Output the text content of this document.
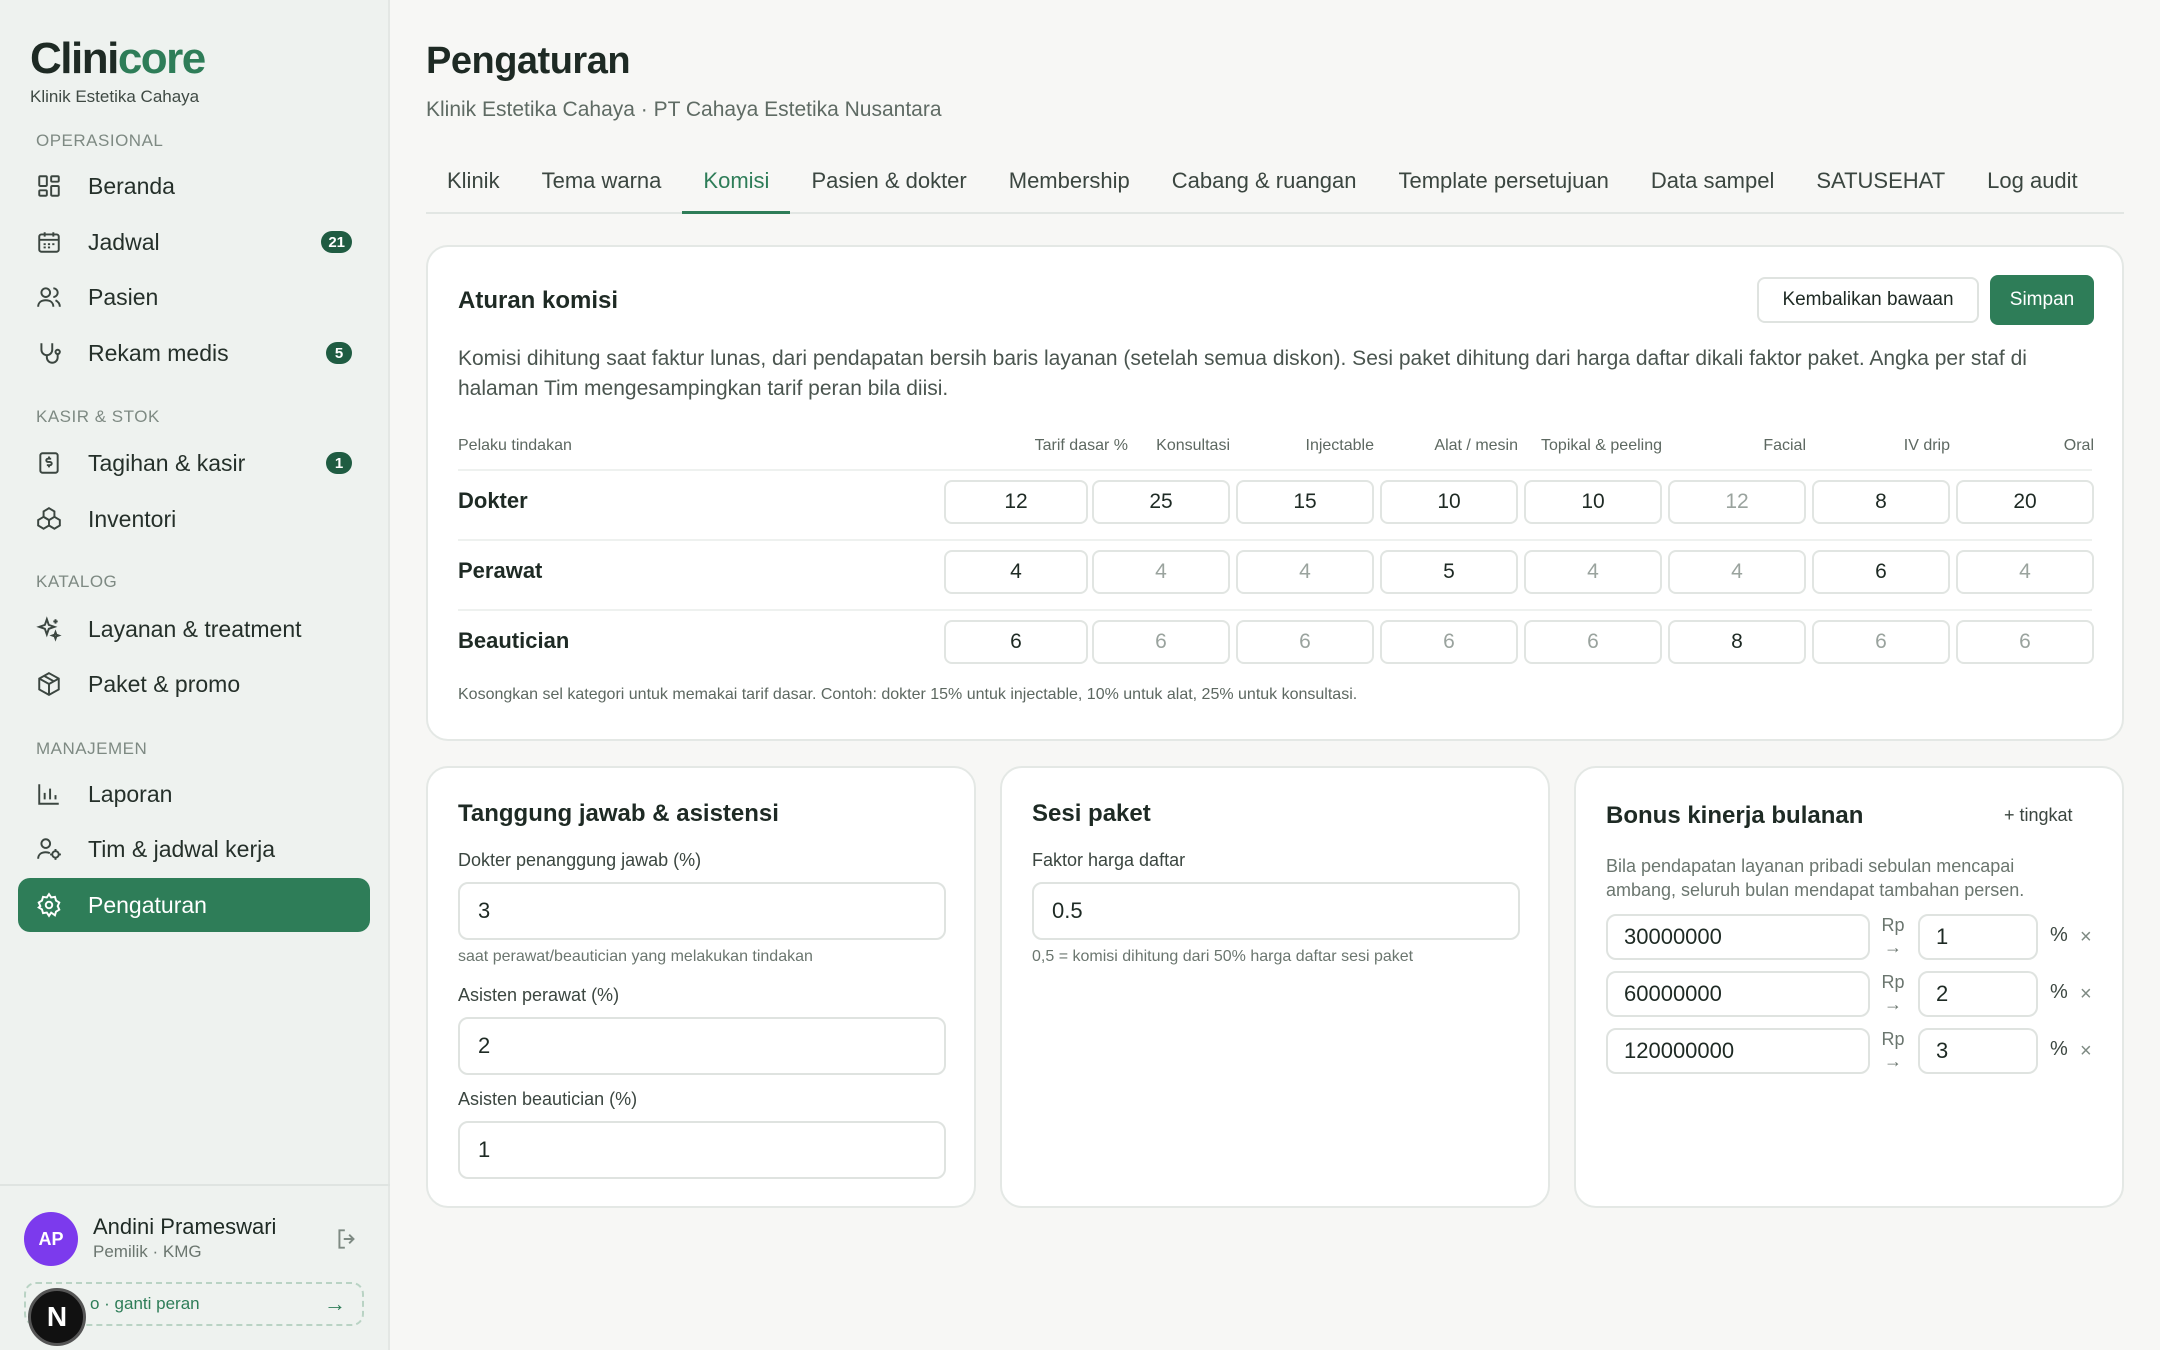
Clinicore
Klinik Estetika Cahaya
OPERASIONAL
Beranda
Jadwal	21
Pasien
Rekam medis	5
KASIR & STOK
Tagihan & kasir	1
Inventori
KATALOG
Layanan & treatment
Paket & promo
MANAJEMEN
Laporan
Tim & jadwal kerja
Pengaturan
AP	Andini Prameswari
Pemilik · KMG
o · ganti peran	→
N
Pengaturan
Klinik Estetika Cahaya · PT Cahaya Estetika Nusantara
Klinik	Tema warna	Komisi	Pasien & dokter	Membership	Cabang & ruangan	Template persetujuan	Data sampel	SATUSEHAT	Log audit
Aturan komisi	Kembalikan bawaan	Simpan
Komisi dihitung saat faktur lunas, dari pendapatan bersih baris layanan (setelah semua diskon). Sesi paket dihitung dari harga daftar dikali faktor paket. Angka per staf di halaman Tim mengesampingkan tarif peran bila diisi.
Pelaku tindakan	Tarif dasar %	Konsultasi	Injectable	Alat / mesin	Topikal & peeling	Facial	IV drip	Oral
Kosongkan sel kategori untuk memakai tarif dasar. Contoh: dokter 15% untuk injectable, 10% untuk alat, 25% untuk konsultasi.
Dokter	12	25	15	10	10	12	8	20
Perawat	4	4	4	5	4	4	6	4
Beautician	6	6	6	6	6	8	6	6
Tanggung jawab & asistensi
Dokter penanggung jawab (%)
3
saat perawat/beautician yang melakukan tindakan
Asisten perawat (%)
2
Asisten beautician (%)
1
Sesi paket
Faktor harga daftar
0.5
0,5 = komisi dihitung dari 50% harga daftar sesi paket
Bonus kinerja bulanan	+ tingkat
Bila pendapatan layanan pribadi sebulan mencapai ambang, seluruh bulan mendapat tambahan persen.
30000000	Rp
→	1	% ×
60000000	Rp
→	2	% ×
120000000	Rp
→	3	% ×
